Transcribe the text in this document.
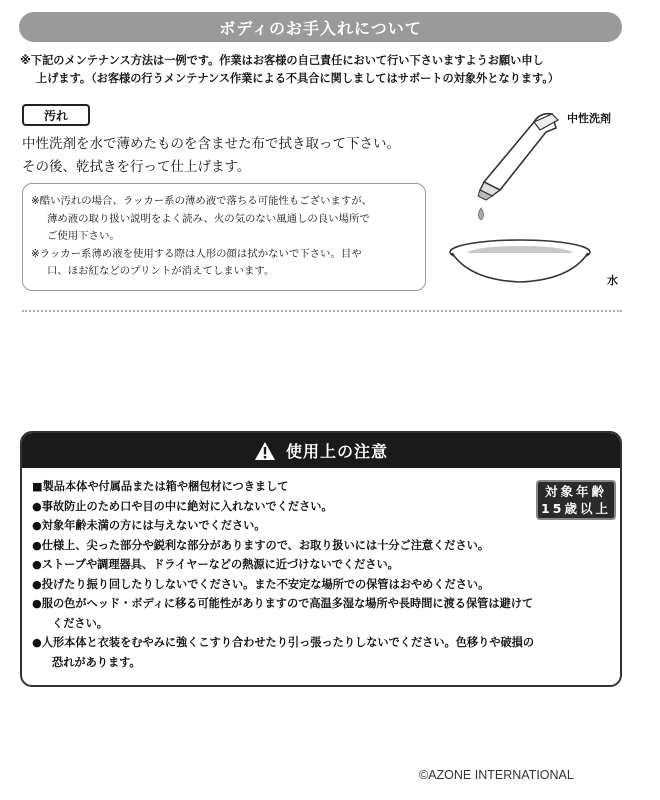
ボディのお手入れについて
※下記のメンテナンス方法は一例です。作業はお客様の自己責任において行い下さいますようお願い申し
上げます。（お客様の行うメンテナンス作業による不具合に関しましてはサポートの対象外となります。）
汚れ
中性洗剤を水で薄めたものを含ませた布で拭き取って下さい。
その後、乾拭きを行って仕上げます。
※酷い汚れの場合、ラッカー系の薄め液で落ちる可能性もございますが、
薄め液の取り扱い説明をよく読み、火の気のない風通しの良い場所で
ご使用下さい。
※ラッカー系薄め液を使用する際は人形の顔は拭かないで下さい。目や
口、ほお紅などのプリントが消えてしまいます。
中性洗剤
水
使用上の注意
対象年齢
15歳以上
■製品本体や付属品または箱や梱包材につきまして
●事故防止のため口や目の中に絶対に入れないでください。
●対象年齢未満の方には与えないでください。
●仕様上、尖った部分や鋭利な部分がありますので、お取り扱いには十分ご注意ください。
●ストーブや調理器具、ドライヤーなどの熱源に近づけないでください。
●投げたり振り回したりしないでください。また不安定な場所での保管はおやめください。
●服の色がヘッド・ボディに移る可能性がありますので高温多湿な場所や長時間に渡る保管は避けて
ください。
●人形本体と衣装をむやみに強くこすり合わせたり引っ張ったりしないでください。色移りや破損の
恐れがあります。
©AZONE INTERNATIONAL
